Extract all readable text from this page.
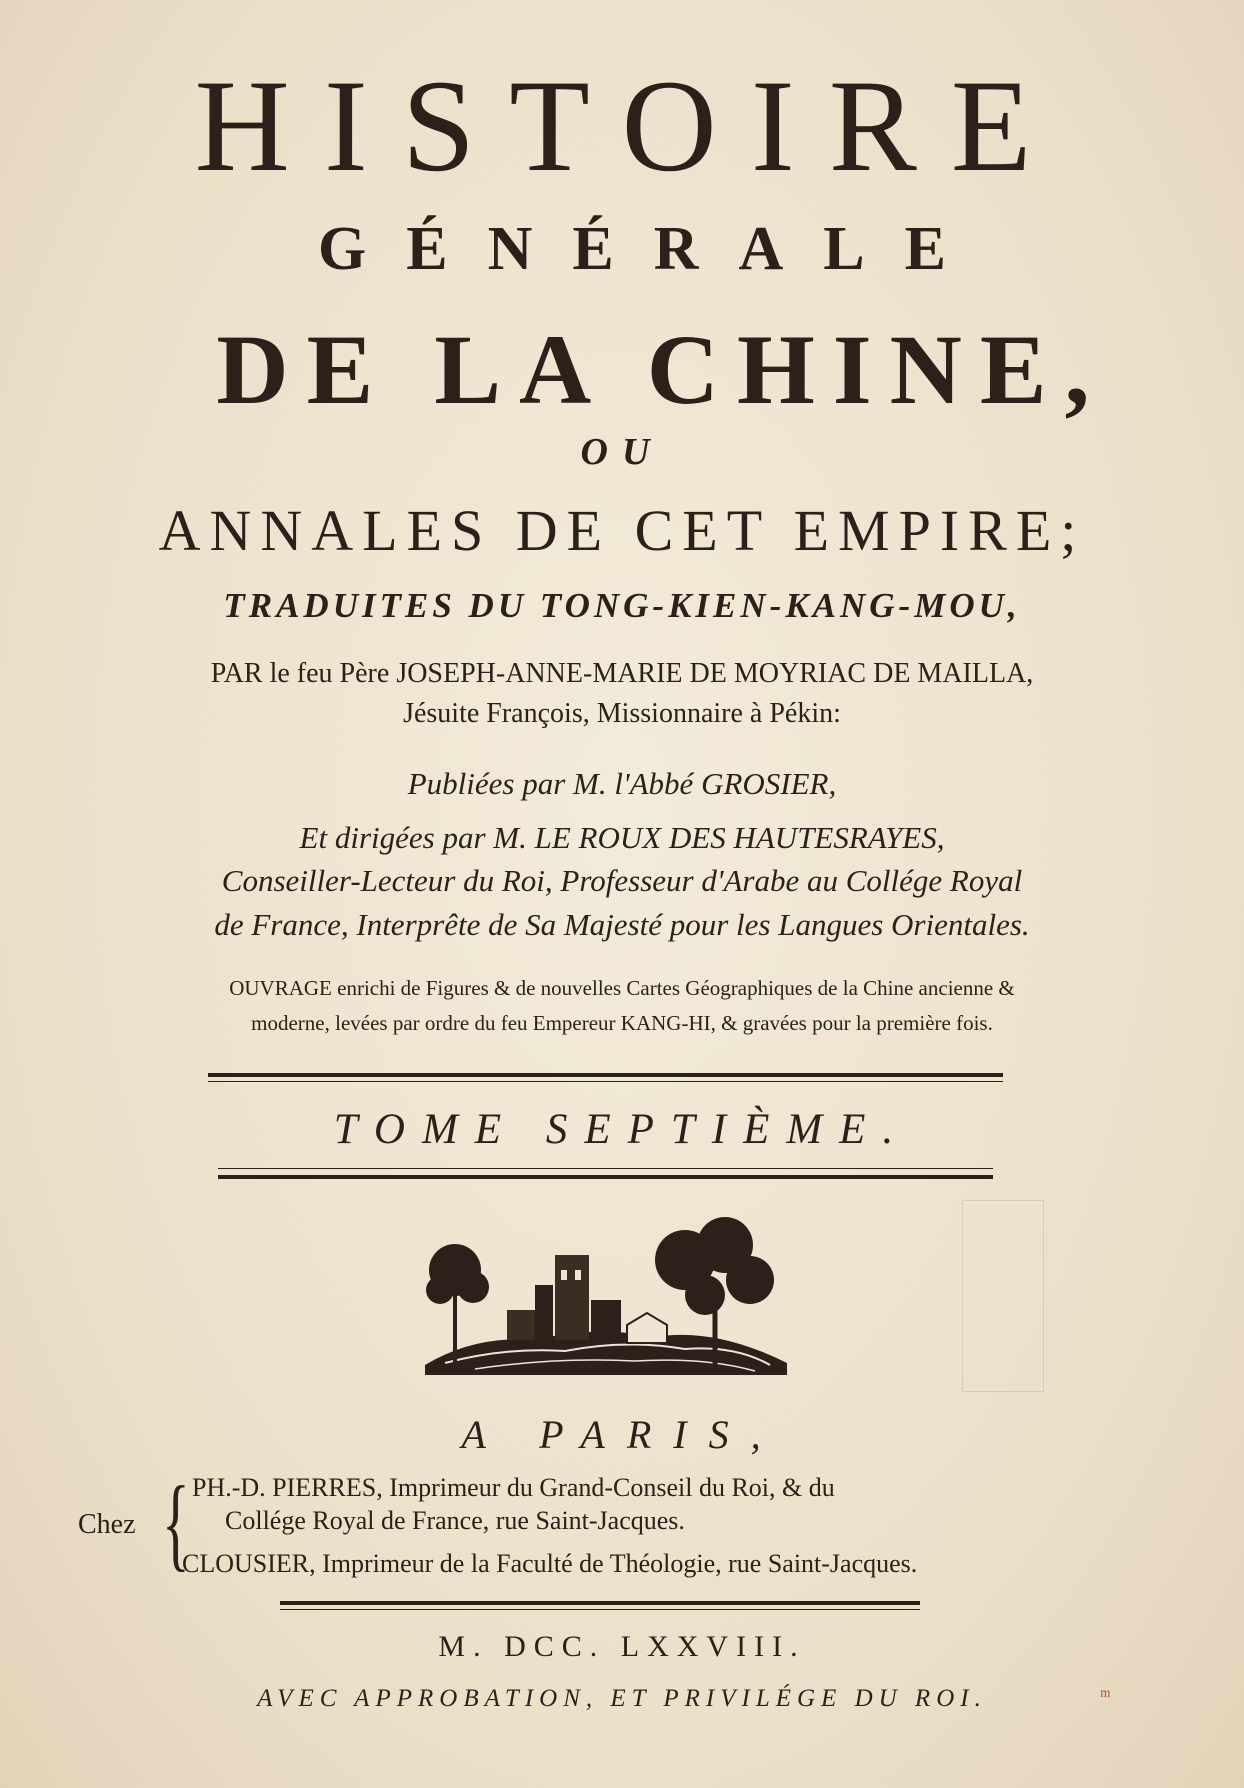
HISTOIRE
GÉNÉRALE
DE LA CHINE,
OU
ANNALES DE CET EMPIRE;
TRADUITES DU TONG-KIEN-KANG-MOU,
PAR le feu Père JOSEPH-ANNE-MARIE DE MOYRIAC DE MAILLA,
Jésuite François, Missionnaire à Pékin:
Publiées par M. l'Abbé GROSIER,
Et dirigées par M. LE ROUX DES HAUTESRAYES,
Conseiller-Lecteur du Roi, Professeur d'Arabe au Collége Royal
de France, Interprête de Sa Majesté pour les Langues Orientales.
OUVRAGE enrichi de Figures & de nouvelles Cartes Géographiques de la Chine ancienne &
moderne, levées par ordre du feu Empereur KANG-HI, & gravées pour la première fois.
TOME SEPTIÈME.
A PARIS,
Chez { PH.-D. PIERRES, Imprimeur du Grand-Conseil du Roi, & du
Collége Royal de France, rue Saint-Jacques.
CLOUSIER, Imprimeur de la Faculté de Théologie, rue Saint-Jacques.
M. DCC. LXXVIII.
AVEC APPROBATION, ET PRIVILÉGE DU ROI.	ᵐ
